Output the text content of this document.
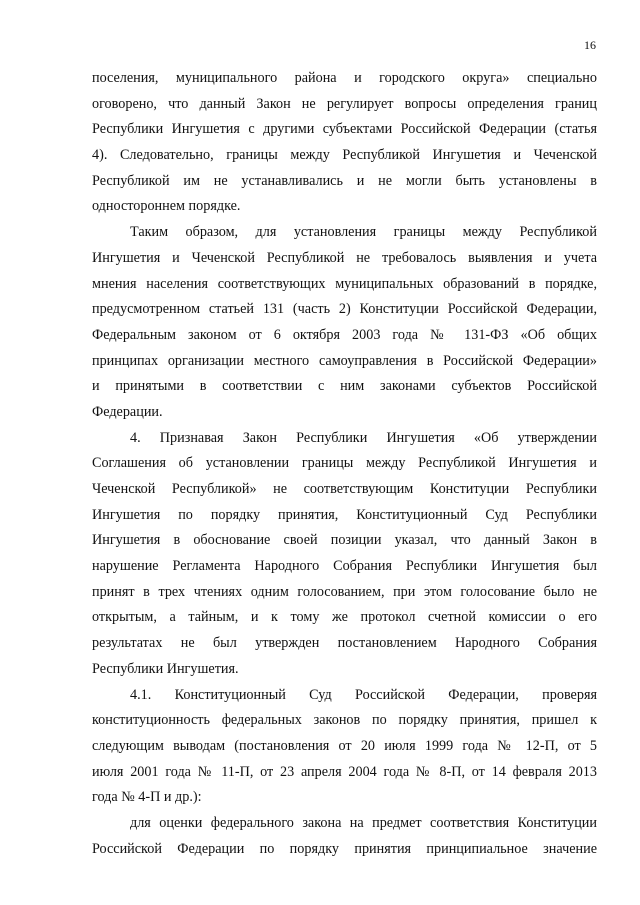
16
поселения, муниципального района и городского округа» специально
оговорено, что данный Закон не регулирует вопросы определения границ
Республики Ингушетия с другими субъектами Российской Федерации (статья
4). Следовательно, границы между Республикой Ингушетия и Чеченской
Республикой им не устанавливались и не могли быть установлены в
одностороннем порядке.
Таким образом, для установления границы между Республикой
Ингушетия и Чеченской Республикой не требовалось выявления и учета
мнения населения соответствующих муниципальных образований в порядке,
предусмотренном статьей 131 (часть 2) Конституции Российской Федерации,
Федеральным законом от 6 октября 2003 года № 131-ФЗ «Об общих
принципах организации местного самоуправления в Российской Федерации»
и принятыми в соответствии с ним законами субъектов Российской
Федерации.
4. Признавая Закон Республики Ингушетия «Об утверждении
Соглашения об установлении границы между Республикой Ингушетия и
Чеченской Республикой» не соответствующим Конституции Республики
Ингушетия по порядку принятия, Конституционный Суд Республики
Ингушетия в обоснование своей позиции указал, что данный Закон в
нарушение Регламента Народного Собрания Республики Ингушетия был
принят в трех чтениях одним голосованием, при этом голосование было не
открытым, а тайным, и к тому же протокол счетной комиссии о его
результатах не был утвержден постановлением Народного Собрания
Республики Ингушетия.
4.1. Конституционный Суд Российской Федерации, проверяя
конституционность федеральных законов по порядку принятия, пришел к
следующим выводам (постановления от 20 июля 1999 года № 12-П, от 5
июля 2001 года № 11-П, от 23 апреля 2004 года № 8-П, от 14 февраля 2013
года № 4-П и др.):
для оценки федерального закона на предмет соответствия Конституции
Российской Федерации по порядку принятия принципиальное значение
